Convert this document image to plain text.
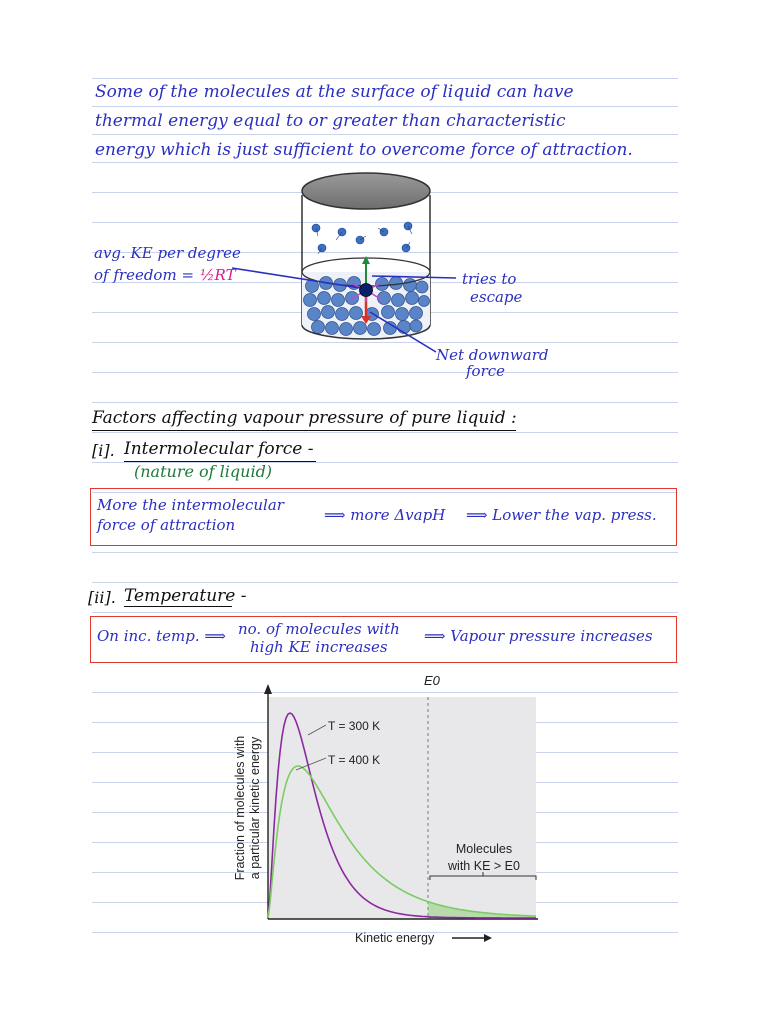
Some of the molecules at the surface of liquid can have
thermal energy equal to or greater than characteristic
energy which is just sufficient to overcome force of attraction.
avg. KE per degree
of freedom = ½RT	tries to
escape
Net downward
force
Factors affecting vapour pressure of pure liquid :
[i]. Intermolecular force -
(nature of liquid)
More the intermolecular
force of attraction
⟹ more ΔvapH ⟹ Lower the vap. press.
[ii]. Temperature -
On inc. temp. ⟹ no. of molecules with
high KE increases
⟹ Vapour pressure increases
E0
T = 300 K
T = 400 K
Molecules
with KE > E0
Kinetic energy
Fraction of molecules with a particular kinetic energy
